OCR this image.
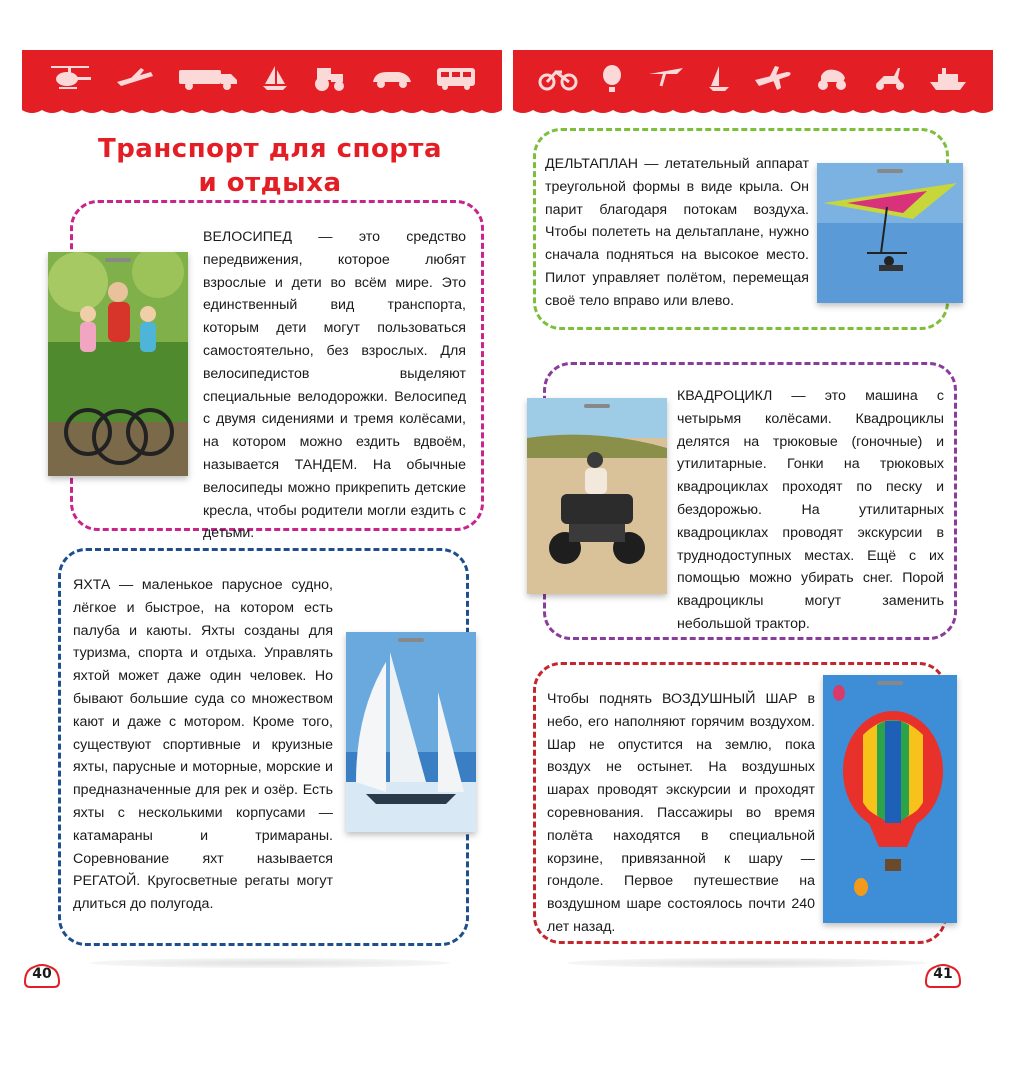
Транспорт для спорта
и отдыха
ВЕЛОСИПЕД — это средство передвижения, которое любят взрослые и дети во всём мире. Это единственный вид транспорта, которым дети могут пользоваться самостоятельно, без взрослых. Для велосипедистов выделяют специальные велодорожки. Велосипед с двумя сидениями и тремя колёсами, на котором можно ездить вдвоём, называется ТАНДЕМ. На обычные велосипеды можно прикрепить детские кресла, чтобы родители могли ездить с детьми.
ЯХТА — маленькое парусное судно, лёгкое и быстрое, на котором есть палуба и каюты. Яхты созданы для туризма, спорта и отдыха. Управлять яхтой может даже один человек. Но бывают большие суда со множеством кают и даже с мотором. Кроме того, существуют спортивные и круизные яхты, парусные и моторные, морские и предназначенные для рек и озёр. Есть яхты с несколькими корпусами — катамараны и тримараны. Соревнование яхт называется РЕГАТОЙ. Кругосветные регаты могут длиться до полугода.
40
ДЕЛЬТАПЛАН — летательный аппарат треугольной формы в виде крыла. Он парит благодаря потокам воздуха. Чтобы полететь на дельтаплане, нужно сначала подняться на высокое место. Пилот управляет полётом, перемещая своё тело вправо или влево.
КВАДРОЦИКЛ — это машина с четырьмя колёсами. Квадроциклы делятся на трюковые (гоночные) и утилитарные. Гонки на трюковых квадроциклах проходят по песку и бездорожью. На утилитарных квадроциклах проводят экскурсии в труднодоступных местах. Ещё с их помощью можно убирать снег. Порой квадроциклы могут заменить небольшой трактор.
Чтобы поднять ВОЗДУШНЫЙ ШАР в небо, его наполняют горячим воздухом. Шар не опустится на землю, пока воздух не остынет. На воздушных шарах проводят экскурсии и проходят соревнования. Пассажиры во время полёта находятся в специальной корзине, привязанной к шару — гондоле. Первое путешествие на воздушном шаре состоялось почти 240 лет назад.
41
